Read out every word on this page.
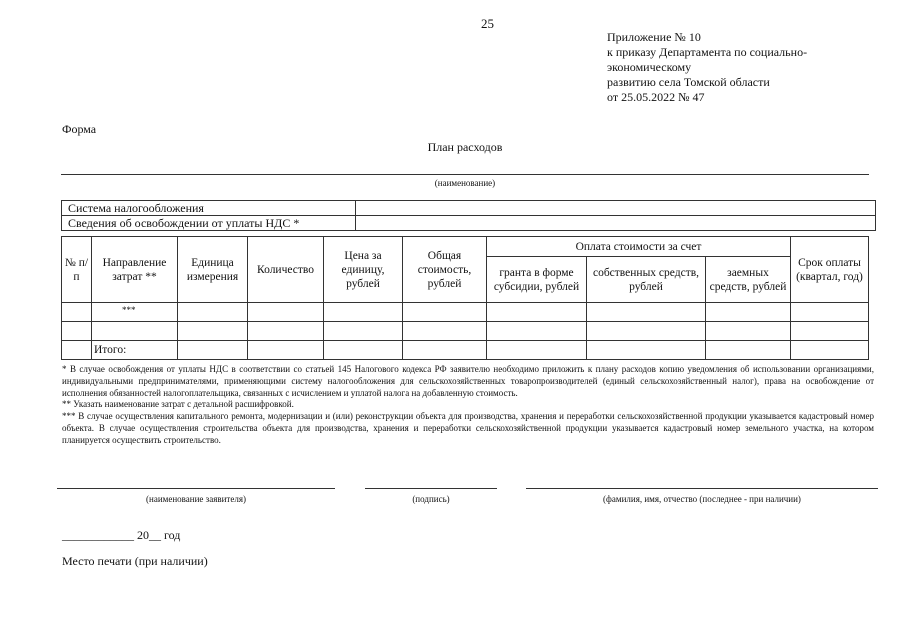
25
Приложение № 10
к приказу Департамента по социально-
экономическому
развитию села Томской области
от 25.05.2022 № 47
Форма
План расходов
(наименование)
Система налогообложения	
Сведения об освобождении от уплаты НДС *	
№ п/п	Направление затрат **	Единица измерения	Количество	Цена за единицу, рублей	Общая стоимость, рублей	Оплата стоимости за счет			Срок оплаты (квартал, год)
						гранта в форме субсидии, рублей	собственных средств, рублей	заемных средств, рублей	
	***								

	Итого:								

* В случае освобождения от уплаты НДС в соответствии со статьей 145 Налогового кодекса РФ заявителю необходимо приложить к плану расходов копию уведомления об использовании организациями, индивидуальными предпринимателями, применяющими систему налогообложения для сельскохозяйственных товаропроизводителей (единый сельскохозяйственный налог), права на освобождение от исполнения обязанностей налогоплательщика, связанных с исчислением и уплатой налога на добавленную стоимость.

** Указать наименование затрат с детальной расшифровкой.

*** В случае осуществления капитального ремонта, модернизации и (или) реконструкции объекта для производства, хранения и переработки сельскохозяйственной продукции указывается кадастровый номер объекта. В случае осуществления строительства объекта для производства, хранения и переработки сельскохозяйственной продукции указывается кадастровый номер земельного участка, на котором планируется осуществить строительство.

(наименование заявителя)	(подпись)	(фамилия, имя, отчество (последнее - при наличии)
____________ 20__ год
Место печати (при наличии)
